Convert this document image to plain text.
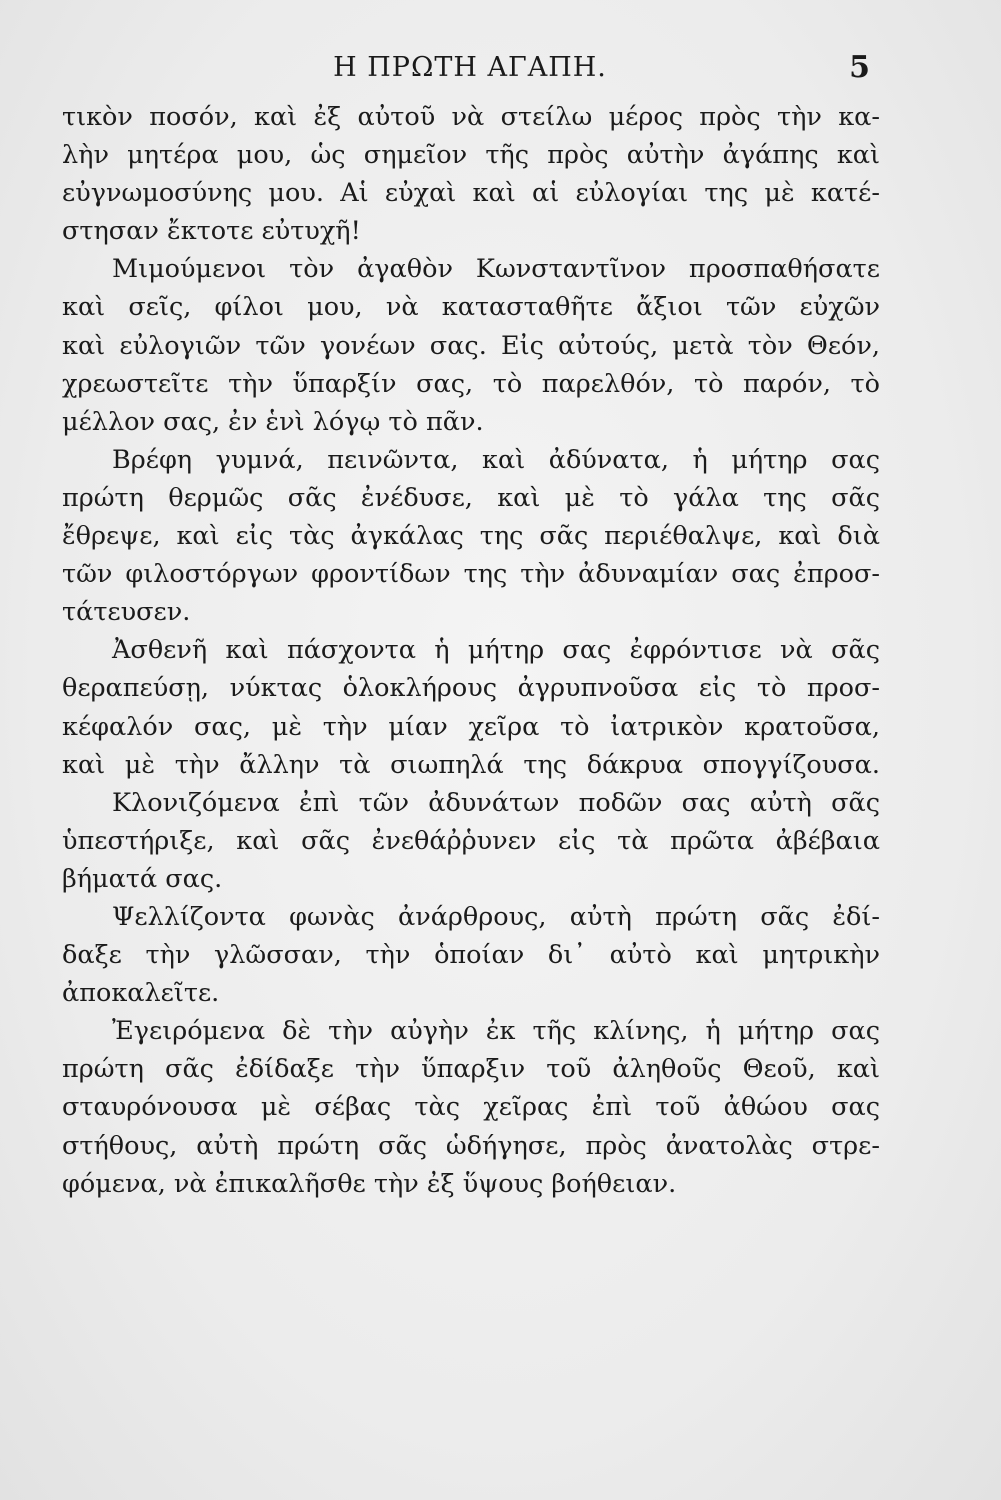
Η ΠΡΩΤΗ ΑΓΑΠΗ.	5
τικὸν ποσόν, καὶ ἐξ αὐτοῦ νὰ στείλω μέρος πρὸς τὴν κα-
λὴν μητέρα μου, ὡς σημεῖον τῆς πρὸς αὐτὴν ἀγάπης καὶ
εὐγνωμοσύνης μου. Αἱ εὐχαὶ καὶ αἱ εὐλογίαι της μὲ κατέ-
στησαν ἔκτοτε εὐτυχῆ!
Μιμούμενοι τὸν ἀγαθὸν Κωνσταντῖνον προσπαθήσατε
καὶ σεῖς, φίλοι μου, νὰ κατασταθῆτε ἄξιοι τῶν εὐχῶν
καὶ εὐλογιῶν τῶν γονέων σας. Εἰς αὐτούς, μετὰ τὸν Θεόν,
χρεωστεῖτε τὴν ὕπαρξίν σας, τὸ παρελθόν, τὸ παρόν, τὸ
μέλλον σας, ἐν ἑνὶ λόγῳ τὸ πᾶν.
Βρέφη γυμνά, πεινῶντα, καὶ ἀδύνατα, ἡ μήτηρ σας
πρώτη θερμῶς σᾶς ἐνέδυσε, καὶ μὲ τὸ γάλα της σᾶς
ἔθρεψε, καὶ εἰς τὰς ἀγκάλας της σᾶς περιέθαλψε, καὶ διὰ
τῶν φιλοστόργων φροντίδων της τὴν ἀδυναμίαν σας ἐπροσ-
τάτευσεν.
Ἀσθενῆ καὶ πάσχοντα ἡ μήτηρ σας ἐφρόντισε νὰ σᾶς
θεραπεύσῃ, νύκτας ὁλοκλήρους ἀγρυπνοῦσα εἰς τὸ προσ-
κέφαλόν σας, μὲ τὴν μίαν χεῖρα τὸ ἰατρικὸν κρατοῦσα,
καὶ μὲ τὴν ἄλλην τὰ σιωπηλά της δάκρυα σπογγίζουσα.
Κλονιζόμενα ἐπὶ τῶν ἀδυνάτων ποδῶν σας αὐτὴ σᾶς
ὑπεστήριξε, καὶ σᾶς ἐνεθάῤῥυνεν εἰς τὰ πρῶτα ἀβέβαια
βήματά σας.
Ψελλίζοντα φωνὰς ἀνάρθρους, αὐτὴ πρώτη σᾶς ἐδί-
δαξε τὴν γλῶσσαν, τὴν ὁποίαν δι᾽ αὐτὸ καὶ μητρικὴν
ἀποκαλεῖτε.
Ἐγειρόμενα δὲ τὴν αὐγὴν ἐκ τῆς κλίνης, ἡ μήτηρ σας
πρώτη σᾶς ἐδίδαξε τὴν ὕπαρξιν τοῦ ἀληθοῦς Θεοῦ, καὶ
σταυρόνουσα μὲ σέβας τὰς χεῖρας ἐπὶ τοῦ ἀθώου σας
στήθους, αὐτὴ πρώτη σᾶς ὡδήγησε, πρὸς ἀνατολὰς στρε-
φόμενα, νὰ ἐπικαλῆσθε τὴν ἐξ ὕψους βοήθειαν.
